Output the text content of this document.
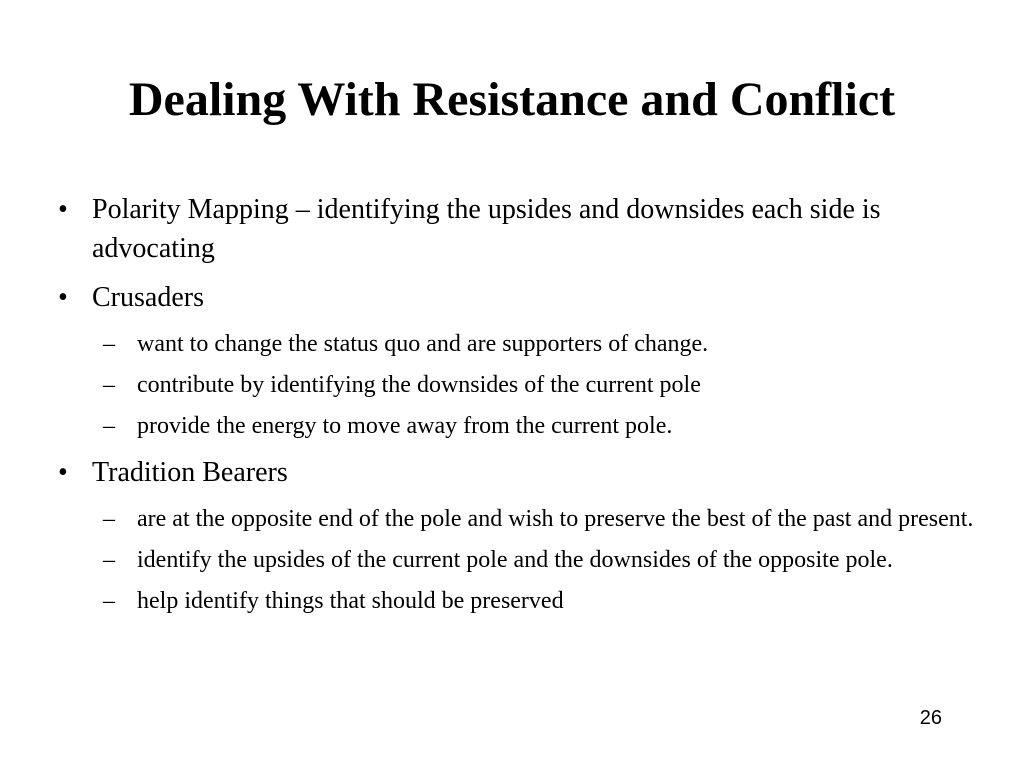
Dealing With Resistance and Conflict
• Polarity Mapping – identifying the upsides and downsides each side is advocating
• Crusaders
– want to change the status quo and are supporters of change.
– contribute by identifying the downsides of the current pole
– provide the energy to move away from the current pole.
• Tradition Bearers
– are at the opposite end of the pole and wish to preserve the best of the past and present.
– identify the upsides of the current pole and the downsides of the opposite pole.
– help identify things that should be preserved
26
